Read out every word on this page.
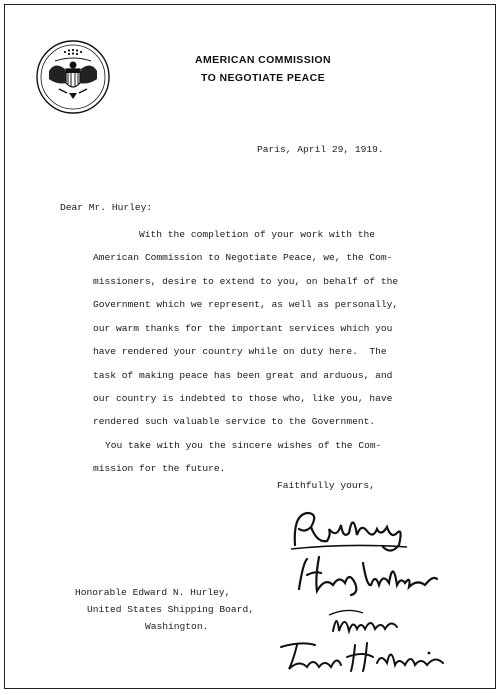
AMERICAN COMMISSION
TO NEGOTIATE PEACE
Paris, April 29, 1919.
Dear Mr. Hurley:
With the completion of your work with the
American Commission to Negotiate Peace, we, the Com-
missioners, desire to extend to you, on behalf of the
Government which we represent, as well as personally,
our warm thanks for the important services which you
have rendered your country while on duty here.  The
task of making peace has been great and arduous, and
our country is indebted to those who, like you, have
rendered such valuable service to the Government.
You take with you the sincere wishes of the Com-
mission for the future.
Faithfully yours,
Honorable Edward N. Hurley,
United States Shipping Board,
Washington.
